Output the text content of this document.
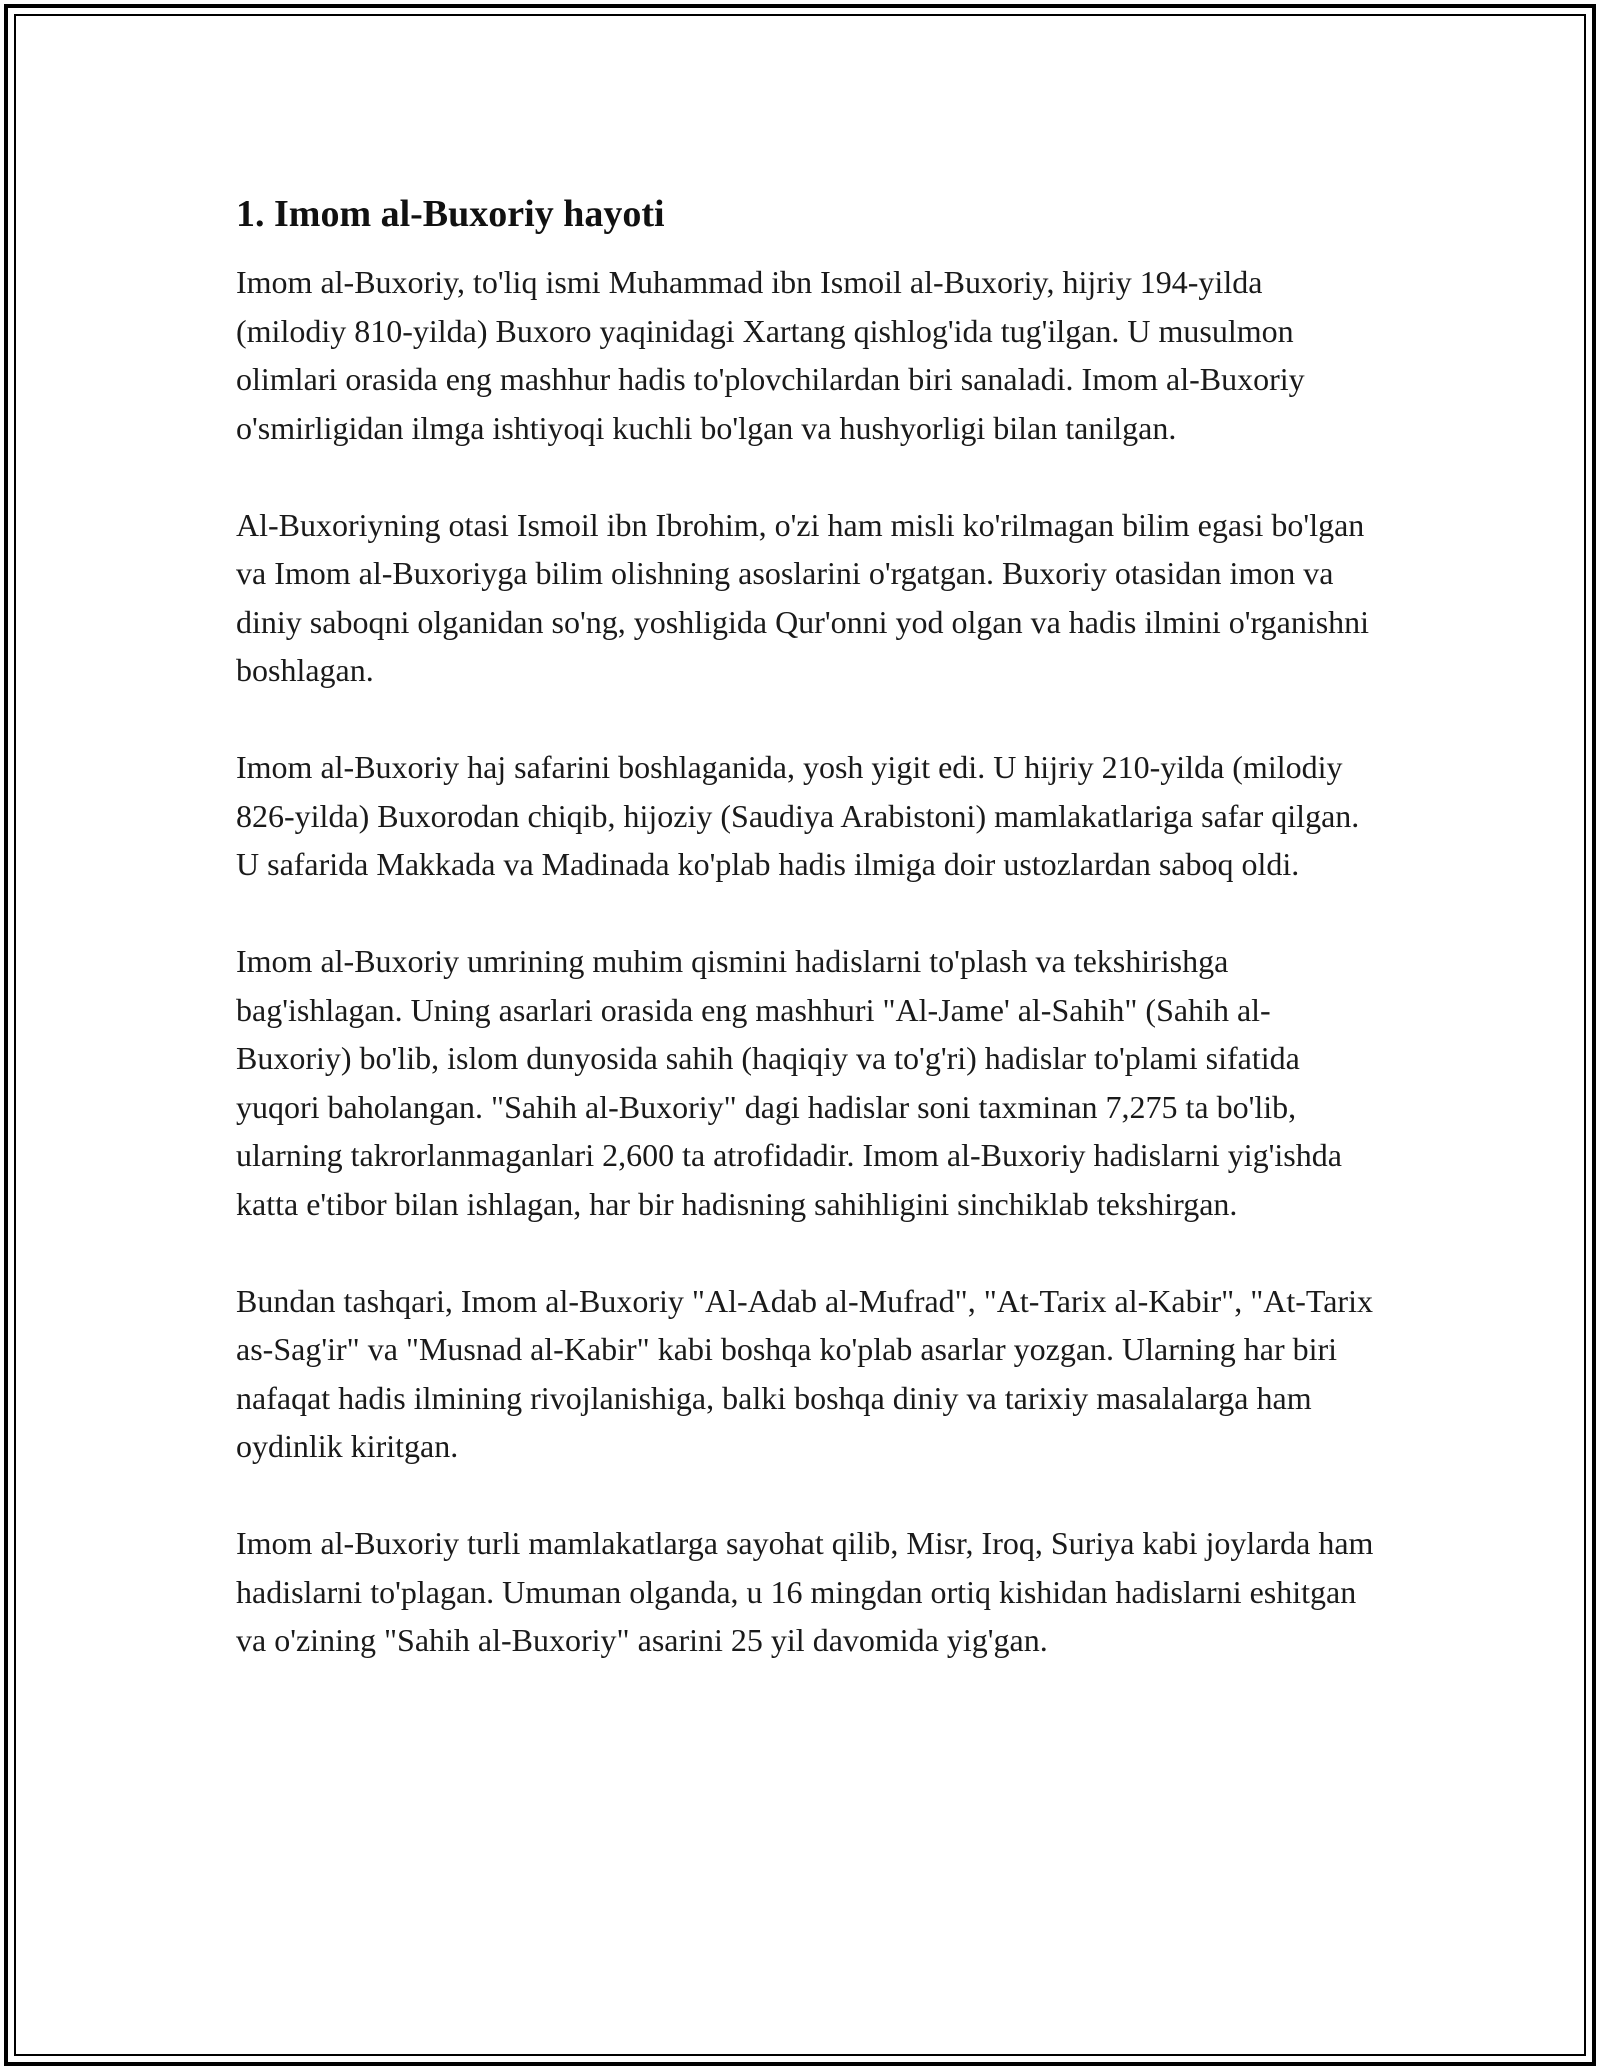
1. Imom al-Buxoriy hayoti

Imom al-Buxoriy, to'liq ismi Muhammad ibn Ismoil al-Buxoriy, hijriy 194-yilda (milodiy 810-yilda) Buxoro yaqinidagi Xartang qishlog'ida tug'ilgan. U musulmon olimlari orasida eng mashhur hadis to'plovchilardan biri sanaladi. Imom al-Buxoriy o'smirligidan ilmga ishtiyoqi kuchli bo'lgan va hushyorligi bilan tanilgan.

Al-Buxoriyning otasi Ismoil ibn Ibrohim, o'zi ham misli ko'rilmagan bilim egasi bo'lgan va Imom al-Buxoriyga bilim olishning asoslarini o'rgatgan. Buxoriy otasidan imon va diniy saboqni olganidan so'ng, yoshligida Qur'onni yod olgan va hadis ilmini o'rganishni boshlagan.

Imom al-Buxoriy haj safarini boshlaganida, yosh yigit edi. U hijriy 210-yilda (milodiy 826-yilda) Buxorodan chiqib, hijoziy (Saudiya Arabistoni) mamlakatlariga safar qilgan. U safarida Makkada va Madinada ko'plab hadis ilmiga doir ustozlardan saboq oldi.

Imom al-Buxoriy umrining muhim qismini hadislarni to'plash va tekshirishga bag'ishlagan. Uning asarlari orasida eng mashhuri "Al-Jame' al-Sahih" (Sahih al-Buxoriy) bo'lib, islom dunyosida sahih (haqiqiy va to'g'ri) hadislar to'plami sifatida yuqori baholangan. "Sahih al-Buxoriy" dagi hadislar soni taxminan 7,275 ta bo'lib, ularning takrorlanmaganlari 2,600 ta atrofidadir. Imom al-Buxoriy hadislarni yig'ishda katta e'tibor bilan ishlagan, har bir hadisning sahihligini sinchiklab tekshirgan.

Bundan tashqari, Imom al-Buxoriy "Al-Adab al-Mufrad", "At-Tarix al-Kabir", "At-Tarix as-Sag'ir" va "Musnad al-Kabir" kabi boshqa ko'plab asarlar yozgan. Ularning har biri nafaqat hadis ilmining rivojlanishiga, balki boshqa diniy va tarixiy masalalarga ham oydinlik kiritgan.

Imom al-Buxoriy turli mamlakatlarga sayohat qilib, Misr, Iroq, Suriya kabi joylarda ham hadislarni to'plagan. Umuman olganda, u 16 mingdan ortiq kishidan hadislarni eshitgan va o'zining "Sahih al-Buxoriy" asarini 25 yil davomida yig'gan.
